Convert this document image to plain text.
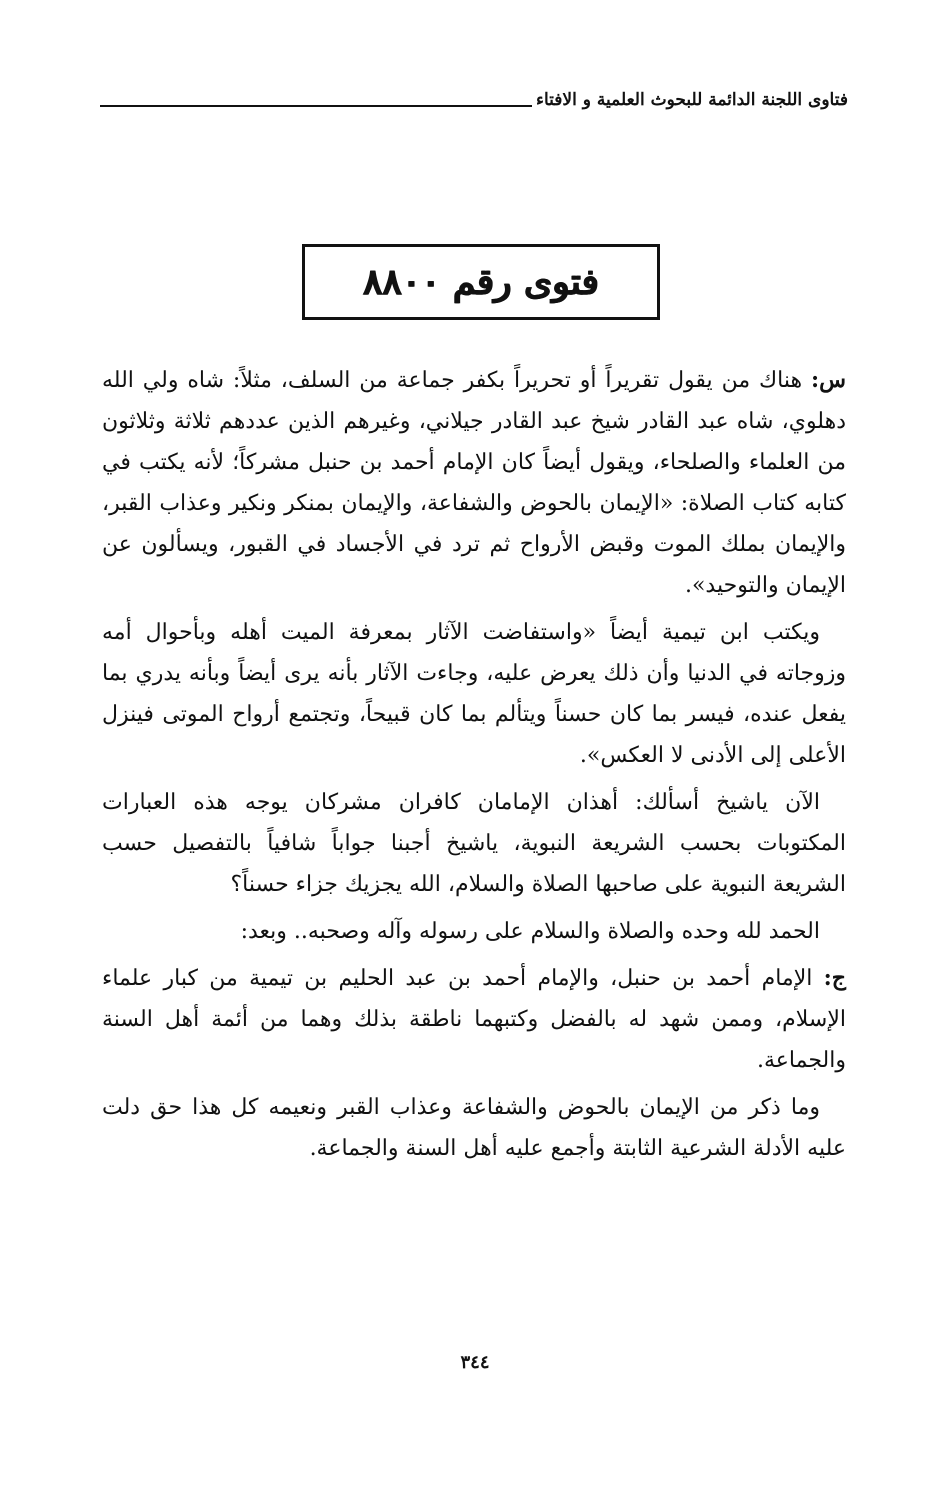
فتاوى اللجنة الدائمة للبحوث العلمية و الافتاء
فتوى رقم ٨٨٠٠

س: هناك من يقول تقريراً أو تحريراً بكفر جماعة من السلف، مثلاً: شاه ولي الله دهلوي، شاه عبد القادر شيخ عبد القادر جيلاني، وغيرهم الذين عددهم ثلاثة وثلاثون من العلماء والصلحاء، ويقول أيضاً كان الإمام أحمد بن حنبل مشركاً؛ لأنه يكتب في كتابه كتاب الصلاة: «الإيمان بالحوض والشفاعة، والإيمان بمنكر ونكير وعذاب القبر، والإيمان بملك الموت وقبض الأرواح ثم ترد في الأجساد في القبور، ويسألون عن الإيمان والتوحيد».

ويكتب ابن تيمية أيضاً «واستفاضت الآثار بمعرفة الميت أهله وبأحوال أمه وزوجاته في الدنيا وأن ذلك يعرض عليه، وجاءت الآثار بأنه يرى أيضاً وبأنه يدري بما يفعل عنده، فيسر بما كان حسناً ويتألم بما كان قبيحاً، وتجتمع أرواح الموتى فينزل الأعلى إلى الأدنى لا العكس».

الآن ياشيخ أسألك: أهذان الإمامان كافران مشركان يوجه هذه العبارات المكتوبات بحسب الشريعة النبوية، ياشيخ أجبنا جواباً شافياً بالتفصيل حسب الشريعة النبوية على صاحبها الصلاة والسلام، الله يجزيك جزاء حسناً؟

الحمد لله وحده والصلاة والسلام على رسوله وآله وصحبه.. وبعد:

ج: الإمام أحمد بن حنبل، والإمام أحمد بن عبد الحليم بن تيمية من كبار علماء الإسلام، وممن شهد له بالفضل وكتبهما ناطقة بذلك وهما من أئمة أهل السنة والجماعة.

وما ذكر من الإيمان بالحوض والشفاعة وعذاب القبر ونعيمه كل هذا حق دلت عليه الأدلة الشرعية الثابتة وأجمع عليه أهل السنة والجماعة.

٣٤٤
